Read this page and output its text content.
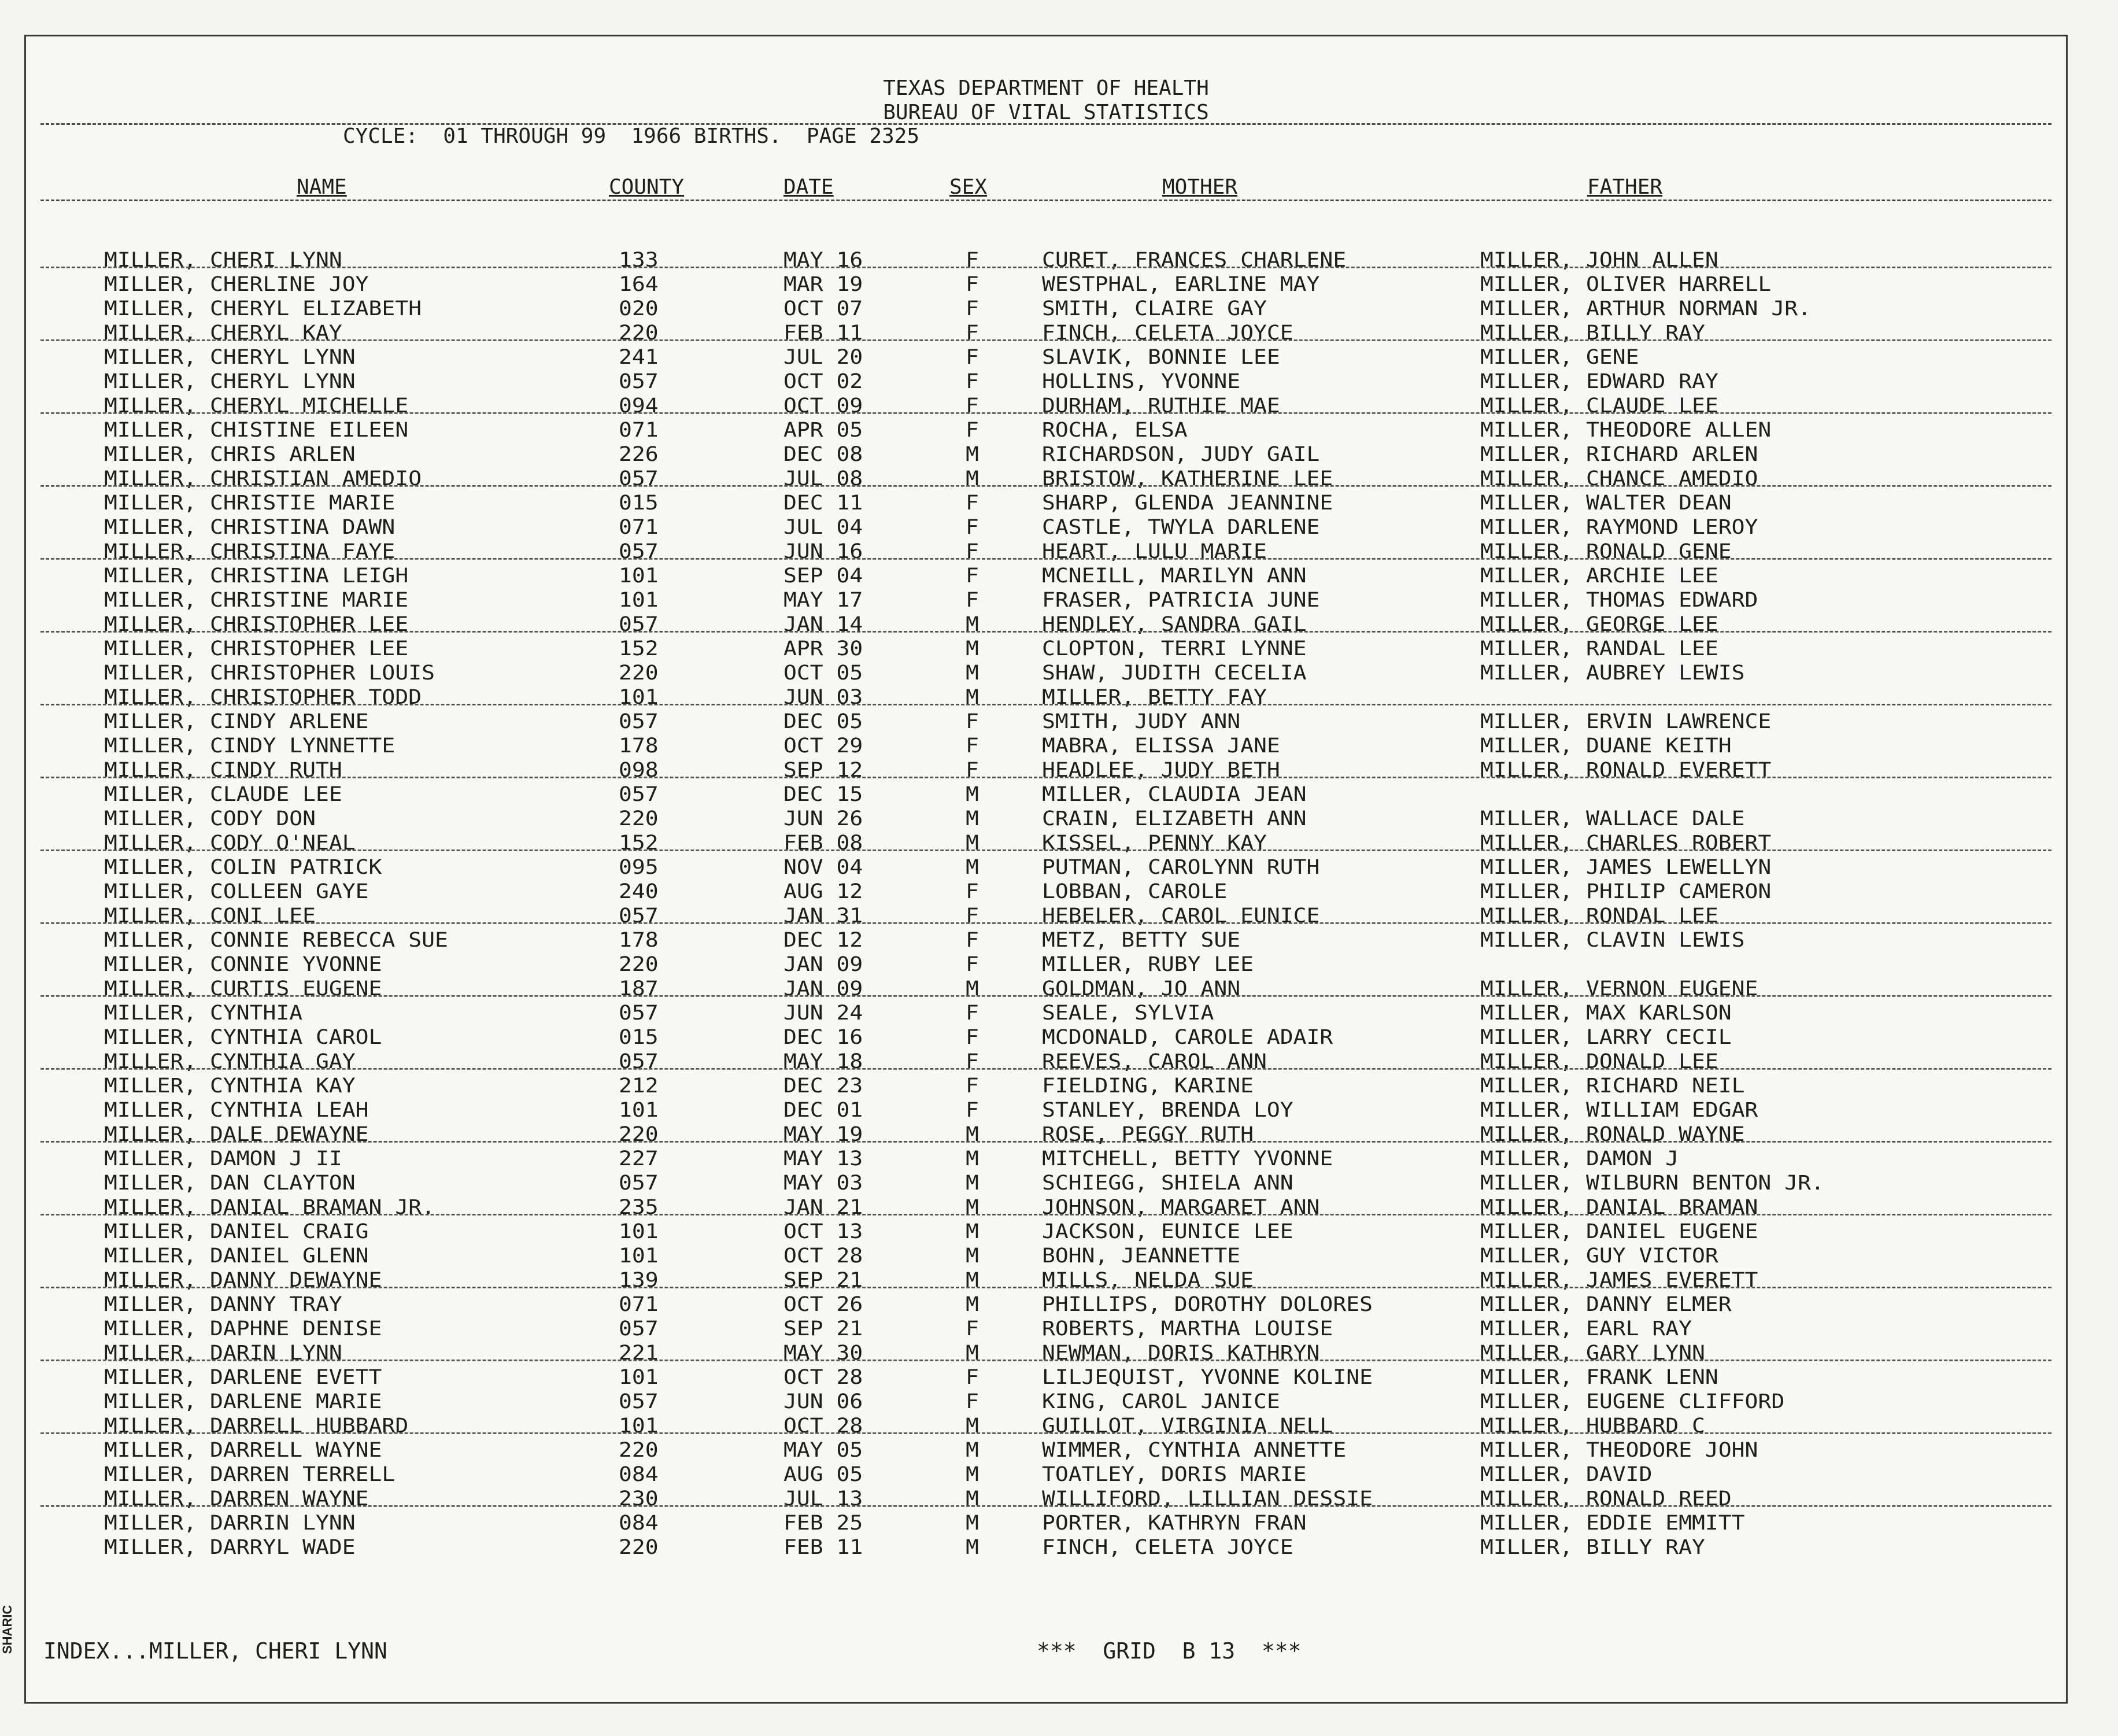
TEXAS DEPARTMENT OF HEALTH
BUREAU OF VITAL STATISTICS
CYCLE:  01 THROUGH 99  1966 BIRTHS.  PAGE 2325
NAME	COUNTY	DATE	SEX	MOTHER	FATHER
MILLER, CHERI LYNN	133	MAY 16	F	CURET, FRANCES CHARLENE	MILLER, JOHN ALLEN
MILLER, CHERLINE JOY	164	MAR 19	F	WESTPHAL, EARLINE MAY	MILLER, OLIVER HARRELL
MILLER, CHERYL ELIZABETH	020	OCT 07	F	SMITH, CLAIRE GAY	MILLER, ARTHUR NORMAN JR.
MILLER, CHERYL KAY	220	FEB 11	F	FINCH, CELETA JOYCE	MILLER, BILLY RAY
MILLER, CHERYL LYNN	241	JUL 20	F	SLAVIK, BONNIE LEE	MILLER, GENE
MILLER, CHERYL LYNN	057	OCT 02	F	HOLLINS, YVONNE	MILLER, EDWARD RAY
MILLER, CHERYL MICHELLE	094	OCT 09	F	DURHAM, RUTHIE MAE	MILLER, CLAUDE LEE
MILLER, CHISTINE EILEEN	071	APR 05	F	ROCHA, ELSA	MILLER, THEODORE ALLEN
MILLER, CHRIS ARLEN	226	DEC 08	M	RICHARDSON, JUDY GAIL	MILLER, RICHARD ARLEN
MILLER, CHRISTIAN AMEDIO	057	JUL 08	M	BRISTOW, KATHERINE LEE	MILLER, CHANCE AMEDIO
MILLER, CHRISTIE MARIE	015	DEC 11	F	SHARP, GLENDA JEANNINE	MILLER, WALTER DEAN
MILLER, CHRISTINA DAWN	071	JUL 04	F	CASTLE, TWYLA DARLENE	MILLER, RAYMOND LEROY
MILLER, CHRISTINA FAYE	057	JUN 16	F	HEART, LULU MARIE	MILLER, RONALD GENE
MILLER, CHRISTINA LEIGH	101	SEP 04	F	MCNEILL, MARILYN ANN	MILLER, ARCHIE LEE
MILLER, CHRISTINE MARIE	101	MAY 17	F	FRASER, PATRICIA JUNE	MILLER, THOMAS EDWARD
MILLER, CHRISTOPHER LEE	057	JAN 14	M	HENDLEY, SANDRA GAIL	MILLER, GEORGE LEE
MILLER, CHRISTOPHER LEE	152	APR 30	M	CLOPTON, TERRI LYNNE	MILLER, RANDAL LEE
MILLER, CHRISTOPHER LOUIS	220	OCT 05	M	SHAW, JUDITH CECELIA	MILLER, AUBREY LEWIS
MILLER, CHRISTOPHER TODD	101	JUN 03	M	MILLER, BETTY FAY
MILLER, CINDY ARLENE	057	DEC 05	F	SMITH, JUDY ANN	MILLER, ERVIN LAWRENCE
MILLER, CINDY LYNNETTE	178	OCT 29	F	MABRA, ELISSA JANE	MILLER, DUANE KEITH
MILLER, CINDY RUTH	098	SEP 12	F	HEADLEE, JUDY BETH	MILLER, RONALD EVERETT
MILLER, CLAUDE LEE	057	DEC 15	M	MILLER, CLAUDIA JEAN
MILLER, CODY DON	220	JUN 26	M	CRAIN, ELIZABETH ANN	MILLER, WALLACE DALE
MILLER, CODY O'NEAL	152	FEB 08	M	KISSEL, PENNY KAY	MILLER, CHARLES ROBERT
MILLER, COLIN PATRICK	095	NOV 04	M	PUTMAN, CAROLYNN RUTH	MILLER, JAMES LEWELLYN
MILLER, COLLEEN GAYE	240	AUG 12	F	LOBBAN, CAROLE	MILLER, PHILIP CAMERON
MILLER, CONI LEE	057	JAN 31	F	HEBELER, CAROL EUNICE	MILLER, RONDAL LEE
MILLER, CONNIE REBECCA SUE	178	DEC 12	F	METZ, BETTY SUE	MILLER, CLAVIN LEWIS
MILLER, CONNIE YVONNE	220	JAN 09	F	MILLER, RUBY LEE
MILLER, CURTIS EUGENE	187	JAN 09	M	GOLDMAN, JO ANN	MILLER, VERNON EUGENE
MILLER, CYNTHIA	057	JUN 24	F	SEALE, SYLVIA	MILLER, MAX KARLSON
MILLER, CYNTHIA CAROL	015	DEC 16	F	MCDONALD, CAROLE ADAIR	MILLER, LARRY CECIL
MILLER, CYNTHIA GAY	057	MAY 18	F	REEVES, CAROL ANN	MILLER, DONALD LEE
MILLER, CYNTHIA KAY	212	DEC 23	F	FIELDING, KARINE	MILLER, RICHARD NEIL
MILLER, CYNTHIA LEAH	101	DEC 01	F	STANLEY, BRENDA LOY	MILLER, WILLIAM EDGAR
MILLER, DALE DEWAYNE	220	MAY 19	M	ROSE, PEGGY RUTH	MILLER, RONALD WAYNE
MILLER, DAMON J II	227	MAY 13	M	MITCHELL, BETTY YVONNE	MILLER, DAMON J
MILLER, DAN CLAYTON	057	MAY 03	M	SCHIEGG, SHIELA ANN	MILLER, WILBURN BENTON JR.
MILLER, DANIAL BRAMAN JR.	235	JAN 21	M	JOHNSON, MARGARET ANN	MILLER, DANIAL BRAMAN
MILLER, DANIEL CRAIG	101	OCT 13	M	JACKSON, EUNICE LEE	MILLER, DANIEL EUGENE
MILLER, DANIEL GLENN	101	OCT 28	M	BOHN, JEANNETTE	MILLER, GUY VICTOR
MILLER, DANNY DEWAYNE	139	SEP 21	M	MILLS, NELDA SUE	MILLER, JAMES EVERETT
MILLER, DANNY TRAY	071	OCT 26	M	PHILLIPS, DOROTHY DOLORES	MILLER, DANNY ELMER
MILLER, DAPHNE DENISE	057	SEP 21	F	ROBERTS, MARTHA LOUISE	MILLER, EARL RAY
MILLER, DARIN LYNN	221	MAY 30	M	NEWMAN, DORIS KATHRYN	MILLER, GARY LYNN
MILLER, DARLENE EVETT	101	OCT 28	F	LILJEQUIST, YVONNE KOLINE	MILLER, FRANK LENN
MILLER, DARLENE MARIE	057	JUN 06	F	KING, CAROL JANICE	MILLER, EUGENE CLIFFORD
MILLER, DARRELL HUBBARD	101	OCT 28	M	GUILLOT, VIRGINIA NELL	MILLER, HUBBARD C
MILLER, DARRELL WAYNE	220	MAY 05	M	WIMMER, CYNTHIA ANNETTE	MILLER, THEODORE JOHN
MILLER, DARREN TERRELL	084	AUG 05	M	TOATLEY, DORIS MARIE	MILLER, DAVID
MILLER, DARREN WAYNE	230	JUL 13	M	WILLIFORD, LILLIAN DESSIE	MILLER, RONALD REED
MILLER, DARRIN LYNN	084	FEB 25	M	PORTER, KATHRYN FRAN	MILLER, EDDIE EMMITT
MILLER, DARRYL WADE	220	FEB 11	M	FINCH, CELETA JOYCE	MILLER, BILLY RAY
INDEX...MILLER, CHERI LYNN	***  GRID  B 13  ***
SHARIC
